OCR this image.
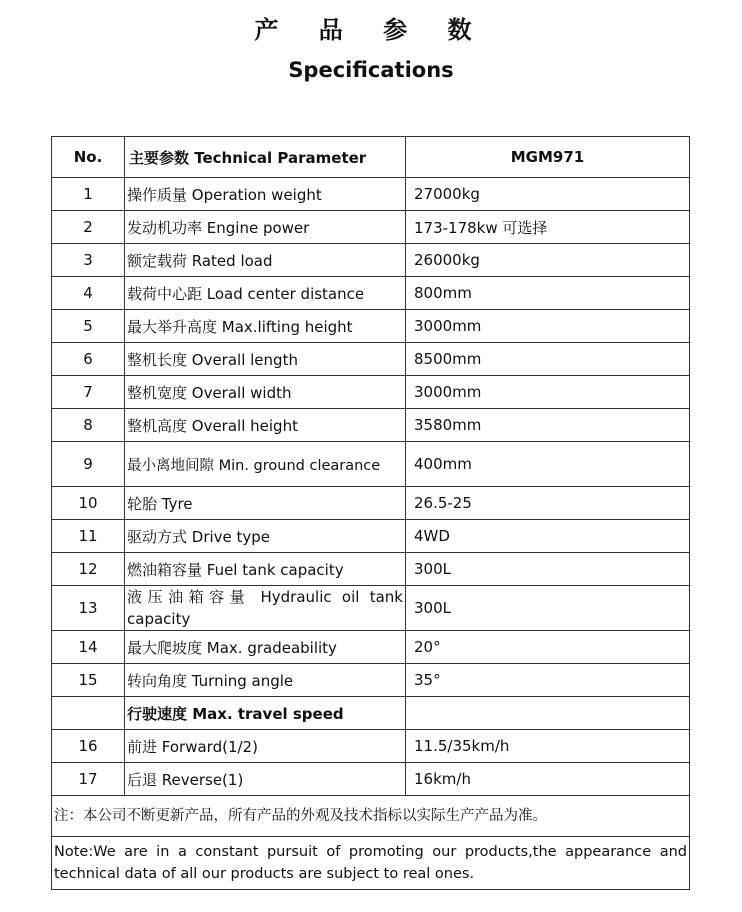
产 品 参 数
Specifications
No.	主要参数 Technical Parameter	MGM971
1	操作质量 Operation weight	27000kg
2	发动机功率 Engine power	173-178kw 可选择
3	额定载荷 Rated load	26000kg
4	载荷中心距 Load center distance	800mm
5	最大举升高度 Max.lifting height	3000mm
6	整机长度 Overall length	8500mm
7	整机宽度 Overall width	3000mm
8	整机高度 Overall height	3580mm
9	最小离地间隙 Min. ground clearance	400mm
10	轮胎 Tyre	26.5-25
11	驱动方式 Drive type	4WD
12	燃油箱容量 Fuel tank capacity	300L
13	液压油箱容量 Hydraulic oil tank capacity	300L
14	最大爬坡度 Max. gradeability	20°
15	转向角度 Turning angle	35°
	行驶速度 Max. travel speed	
16	前进 Forward(1/2)	11.5/35km/h
17	后退 Reverse(1)	16km/h
注：本公司不断更新产品，所有产品的外观及技术指标以实际生产产品为准。		
Note:We are in a constant pursuit of promoting our products,the appearance and technical data of all our products are subject to real ones.		
